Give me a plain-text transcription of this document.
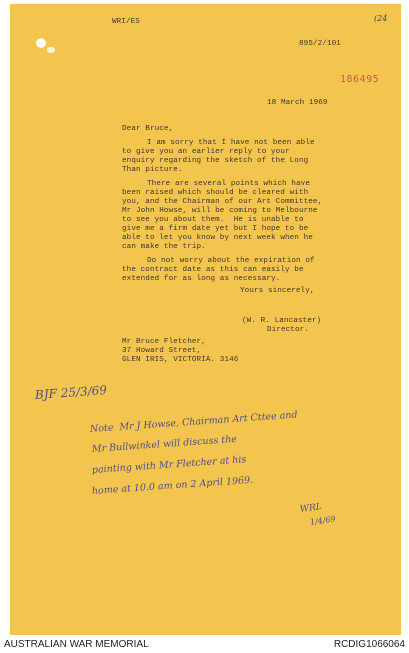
WRI/ES	(24
895/2/101
186495
18 March 1969
Dear Bruce,
I am sorry that I have not been able
to give you an earlier reply to your
enquiry regarding the sketch of the Long
Than picture.
There are several points which have
been raised which should be cleared with
you, and the Chairman of our Art Committee,
Mr John Howse, will be coming to Melbourne
to see you about them.  He is unable to
give me a firm date yet but I hope to be
able to let you know by next week when he
can make the trip.
Do not worry about the expiration of
the contract date as this can easily be
extended for as long as necessary.
Yours sincerely,
(W. R. Lancaster)
Director.
Mr Bruce Fletcher,
37 Howard Street,
GLEN IRIS, VICTORIA. 3146
BJF 25/3/69
Note  Mr J Howse, Chairman Art Cttee and
Mr Bullwinkel will discuss the
painting with Mr Fletcher at his
home at 10.0 am on 2 April 1969.
WRL
1/4/69
AUSTRALIAN WAR MEMORIAL	RCDIG1066064
